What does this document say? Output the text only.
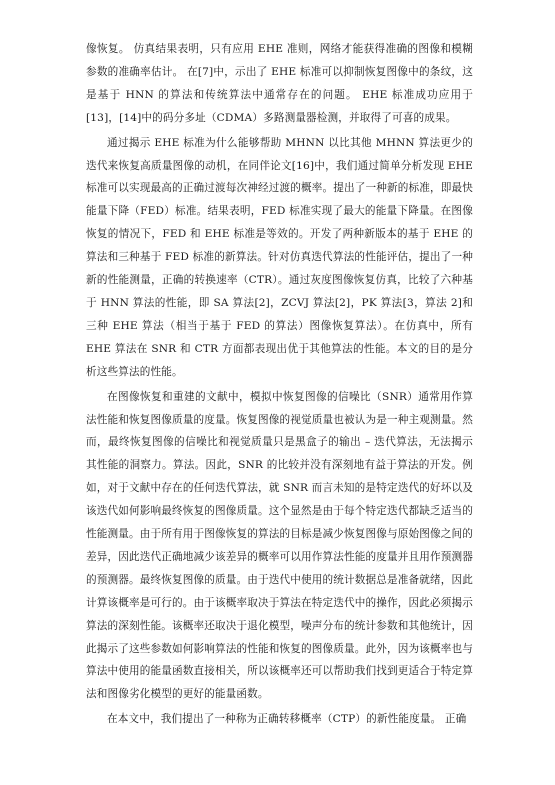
像恢复。 仿真结果表明，只有应用 EHE 准则，网络才能获得准确的图像和模糊参数的准确率估计。 在[7]中，示出了 EHE 标准可以抑制恢复图像中的条纹，这是基于 HNN 的算法和传统算法中通常存在的问题。 EHE 标准成功应用于[13]，[14]中的码分多址（CDMA）多路测量器检测，并取得了可喜的成果。

通过揭示 EHE 标准为什么能够帮助 MHNN 以比其他 MHNN 算法更少的迭代来恢复高质量图像的动机，在同伴论文[16]中，我们通过简单分析发现 EHE 标准可以实现最高的正确过渡每次神经过渡的概率。提出了一种新的标准，即最快能量下降（FED）标准。结果表明，FED 标准实现了最大的能量下降量。在图像恢复的情况下，FED 和 EHE 标准是等效的。开发了两种新版本的基于 EHE 的算法和三种基于 FED 标准的新算法。针对仿真迭代算法的性能评估，提出了一种新的性能测量，正确的转换速率（CTR）。通过灰度图像恢复仿真，比较了六种基于 HNN 算法的性能，即 SA 算法[2]，ZCVJ 算法[2]，PK 算法[3，算法 2]和三种 EHE 算法（相当于基于 FED 的算法）图像恢复算法）。在仿真中，所有 EHE 算法在 SNR 和 CTR 方面都表现出优于其他算法的性能。本文的目的是分析这些算法的性能。

在图像恢复和重建的文献中，模拟中恢复图像的信噪比（SNR）通常用作算法性能和恢复图像质量的度量。恢复图像的视觉质量也被认为是一种主观测量。然而，最终恢复图像的信噪比和视觉质量只是黑盒子的输出 – 迭代算法，无法揭示其性能的洞察力。算法。因此，SNR 的比较并没有深刻地有益于算法的开发。例如，对于文献中存在的任何迭代算法，就 SNR 而言未知的是特定迭代的好坏以及该迭代如何影响最终恢复的图像质量。这个显然是由于每个特定迭代都缺乏适当的性能测量。由于所有用于图像恢复的算法的目标是减少恢复图像与原始图像之间的差异，因此迭代正确地减少该差异的概率可以用作算法性能的度量并且用作预测器的预测器。最终恢复图像的质量。由于迭代中使用的统计数据总是准备就绪，因此计算该概率是可行的。由于该概率取决于算法在特定迭代中的操作，因此必须揭示算法的深刻性能。该概率还取决于退化模型，噪声分布的统计参数和其他统计，因此揭示了这些参数如何影响算法的性能和恢复的图像质量。此外，因为该概率也与算法中使用的能量函数直接相关，所以该概率还可以帮助我们找到更适合于特定算法和图像劣化模型的更好的能量函数。

在本文中，我们提出了一种称为正确转移概率（CTP）的新性能度量。 正确
